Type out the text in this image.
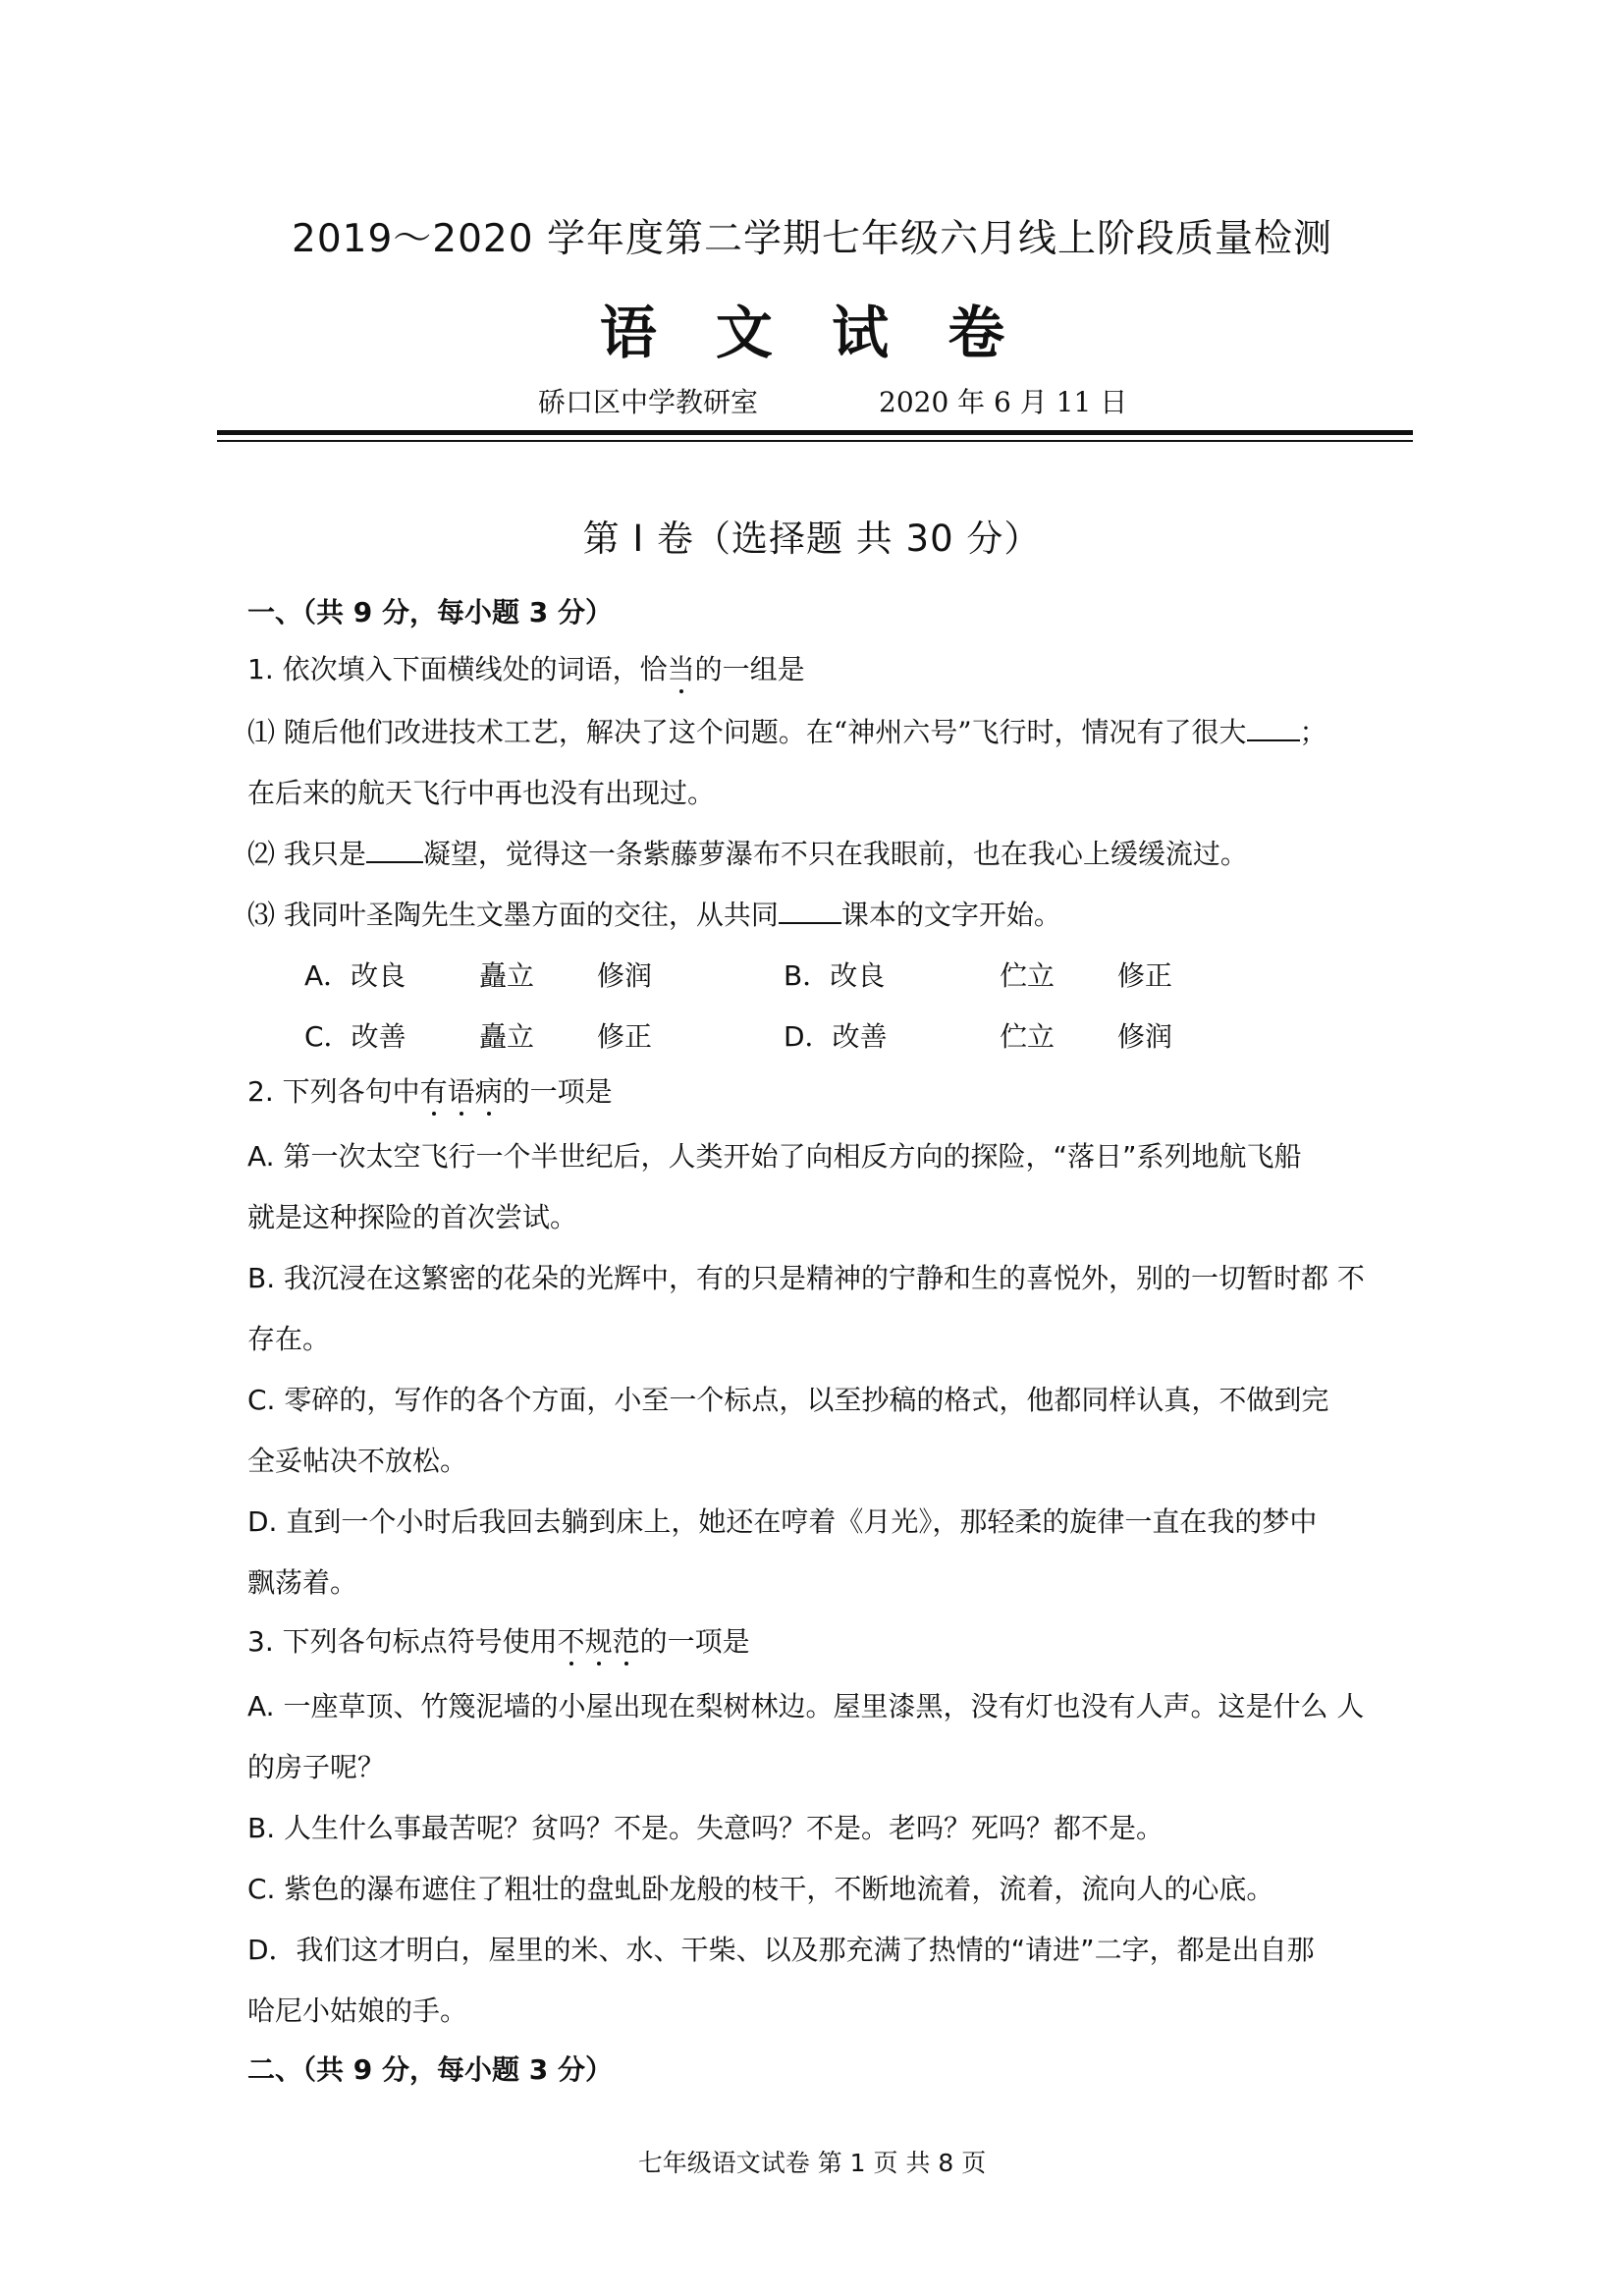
2019～2020 学年度第二学期七年级六月线上阶段质量检测
语 文 试 卷
硚口区中学教研室	2020 年 6 月 11 日
第 I 卷（选择题 共 30 分）
一、（共 9 分，每小题 3 分）
1. 依次填入下面横线处的词语，恰当的一组是
⑴ 随后他们改进技术工艺，解决了这个问题。在“神州六号”飞行时，情况有了很大 ；
在后来的航天飞行中再也没有出现过。
⑵ 我只是 凝望，觉得这一条紫藤萝瀑布不只在我眼前，也在我心上缓缓流过。
⑶ 我同叶圣陶先生文墨方面的交往，从共同 课本的文字开始。
A．改良	矗立 修润	B．改良	伫立 修正
C．改善	矗立 修正	D．改善	伫立 修润
2. 下列各句中有语病的一项是
A. 第一次太空飞行一个半世纪后，人类开始了向相反方向的探险，“落日”系列地航飞船
就是这种探险的首次尝试。
B. 我沉浸在这繁密的花朵的光辉中，有的只是精神的宁静和生的喜悦外，别的一切暂时都 不
存在。
C. 零碎的，写作的各个方面，小至一个标点，以至抄稿的格式，他都同样认真，不做到完
全妥帖决不放松。
D. 直到一个小时后我回去躺到床上，她还在哼着《月光》，那轻柔的旋律一直在我的梦中
飘荡着。
3. 下列各句标点符号使用不规范的一项是
A. 一座草顶、竹篾泥墙的小屋出现在梨树林边。屋里漆黑，没有灯也没有人声。这是什么 人
的房子呢？
B. 人生什么事最苦呢？贫吗？不是。失意吗？不是。老吗？死吗？都不是。
C. 紫色的瀑布遮住了粗壮的盘虬卧龙般的枝干，不断地流着，流着，流向人的心底。
D．我们这才明白，屋里的米、水、干柴、以及那充满了热情的“请进”二字，都是出自那
哈尼小姑娘的手。
二、（共 9 分，每小题 3 分）
七年级语文试卷 第 1 页 共 8 页
